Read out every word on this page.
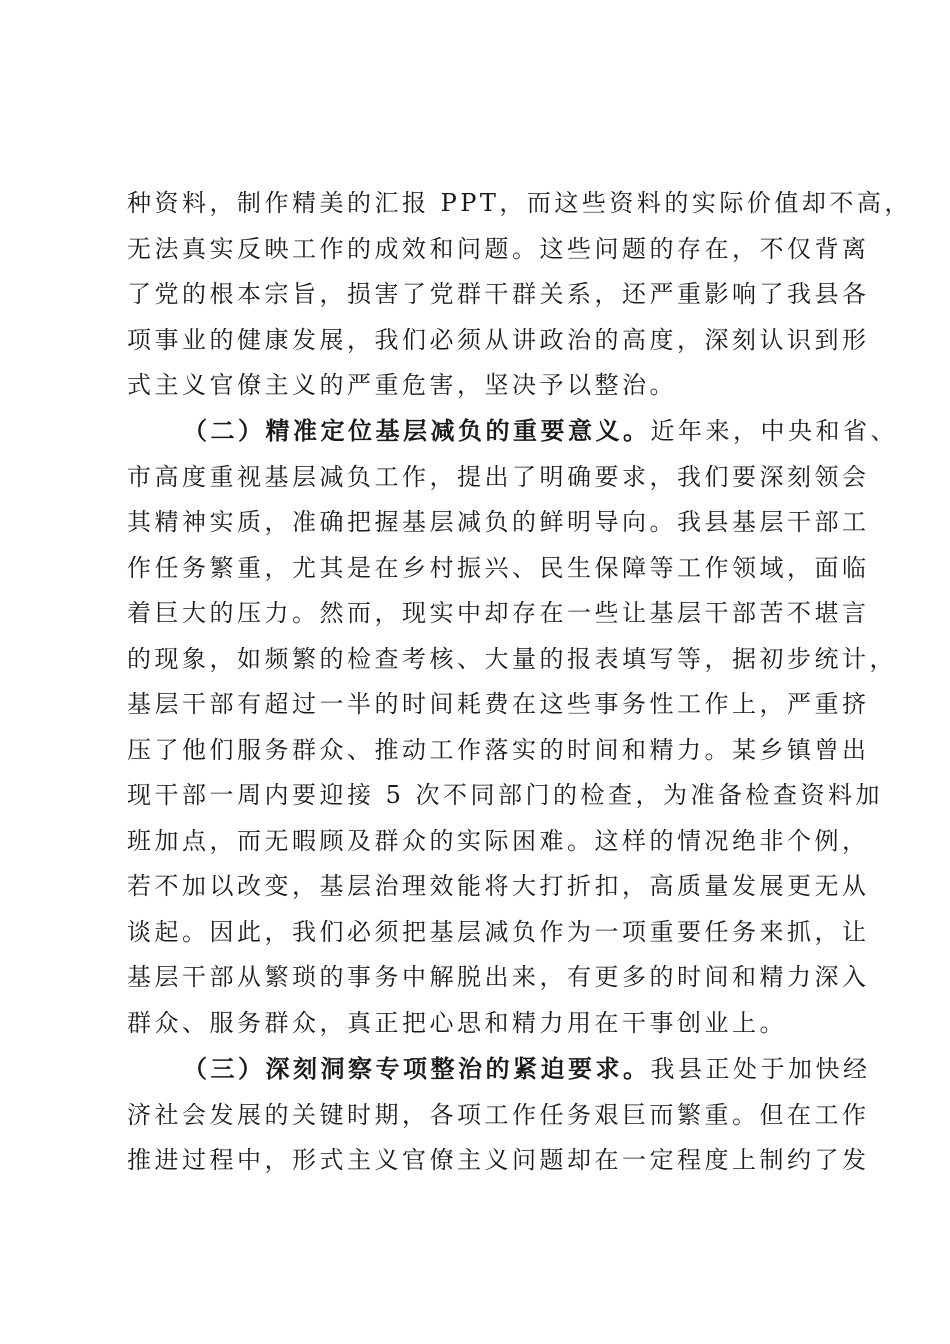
种资料，制作精美的汇报 PPT，而这些资料的实际价值却不高，
无法真实反映工作的成效和问题。这些问题的存在，不仅背离
了党的根本宗旨，损害了党群干群关系，还严重影响了我县各
项事业的健康发展，我们必须从讲政治的高度，深刻认识到形
式主义官僚主义的严重危害，坚决予以整治。
（二）精准定位基层减负的重要意义。近年来，中央和省、
市高度重视基层减负工作，提出了明确要求，我们要深刻领会
其精神实质，准确把握基层减负的鲜明导向。我县基层干部工
作任务繁重，尤其是在乡村振兴、民生保障等工作领域，面临
着巨大的压力。然而，现实中却存在一些让基层干部苦不堪言
的现象，如频繁的检查考核、大量的报表填写等，据初步统计，
基层干部有超过一半的时间耗费在这些事务性工作上，严重挤
压了他们服务群众、推动工作落实的时间和精力。某乡镇曾出
现干部一周内要迎接 5 次不同部门的检查，为准备检查资料加
班加点，而无暇顾及群众的实际困难。这样的情况绝非个例，
若不加以改变，基层治理效能将大打折扣，高质量发展更无从
谈起。因此，我们必须把基层减负作为一项重要任务来抓，让
基层干部从繁琐的事务中解脱出来，有更多的时间和精力深入
群众、服务群众，真正把心思和精力用在干事创业上。
（三）深刻洞察专项整治的紧迫要求。我县正处于加快经
济社会发展的关键时期，各项工作任务艰巨而繁重。但在工作
推进过程中，形式主义官僚主义问题却在一定程度上制约了发
